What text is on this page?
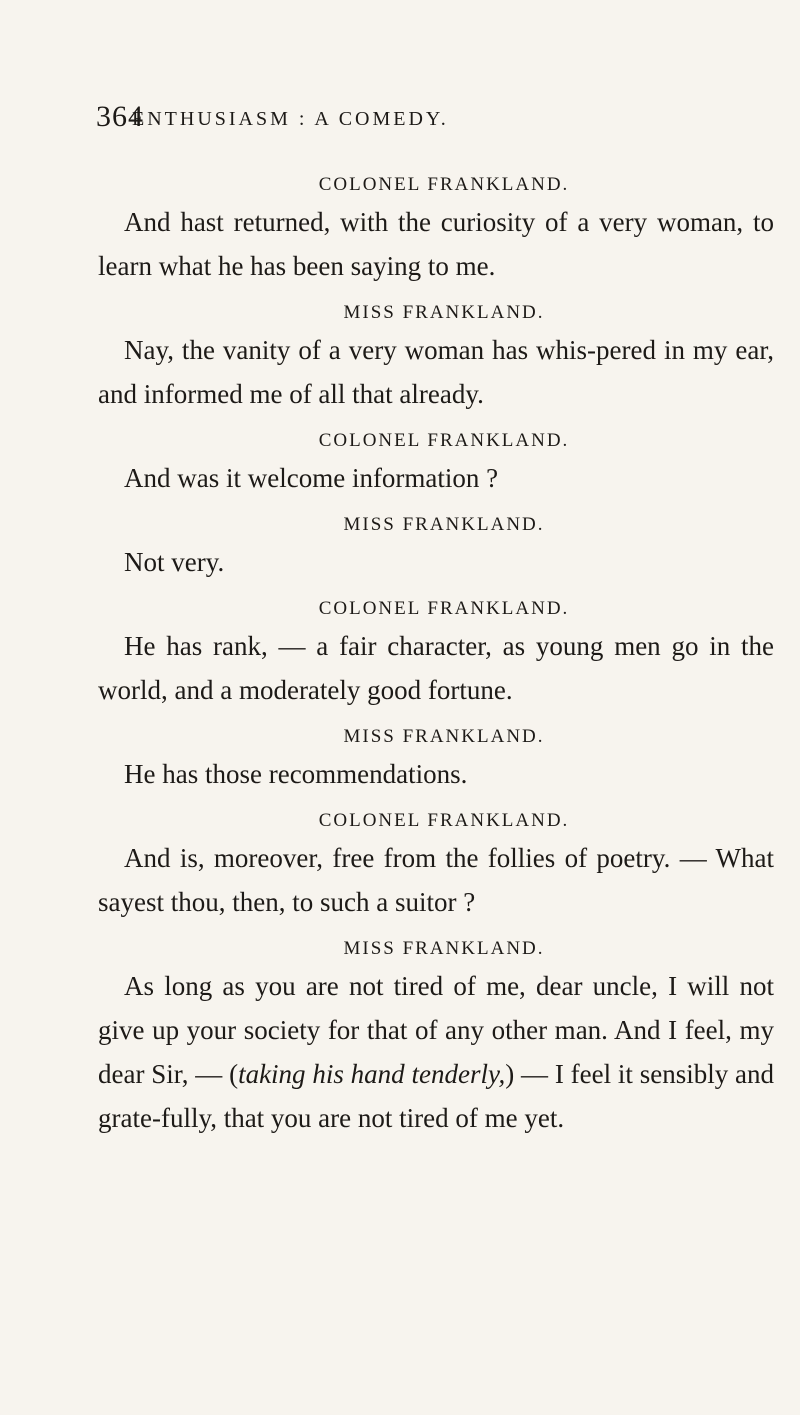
364
ENTHUSIASM : A COMEDY.

COLONEL FRANKLAND.

And hast returned, with the curiosity of a very woman, to learn what he has been saying to me.

MISS FRANKLAND.

Nay, the vanity of a very woman has whis-pered in my ear, and informed me of all that already.

COLONEL FRANKLAND.

And was it welcome information ?

MISS FRANKLAND.

Not very.

COLONEL FRANKLAND.

He has rank, — a fair character, as young men go in the world, and a moderately good fortune.

MISS FRANKLAND.

He has those recommendations.

COLONEL FRANKLAND.

And is, moreover, free from the follies of poetry. — What sayest thou, then, to such a suitor ?

MISS FRANKLAND.

As long as you are not tired of me, dear uncle, I will not give up your society for that of any other man. And I feel, my dear Sir, — (taking his hand tenderly,) — I feel it sensibly and grate-fully, that you are not tired of me yet.
